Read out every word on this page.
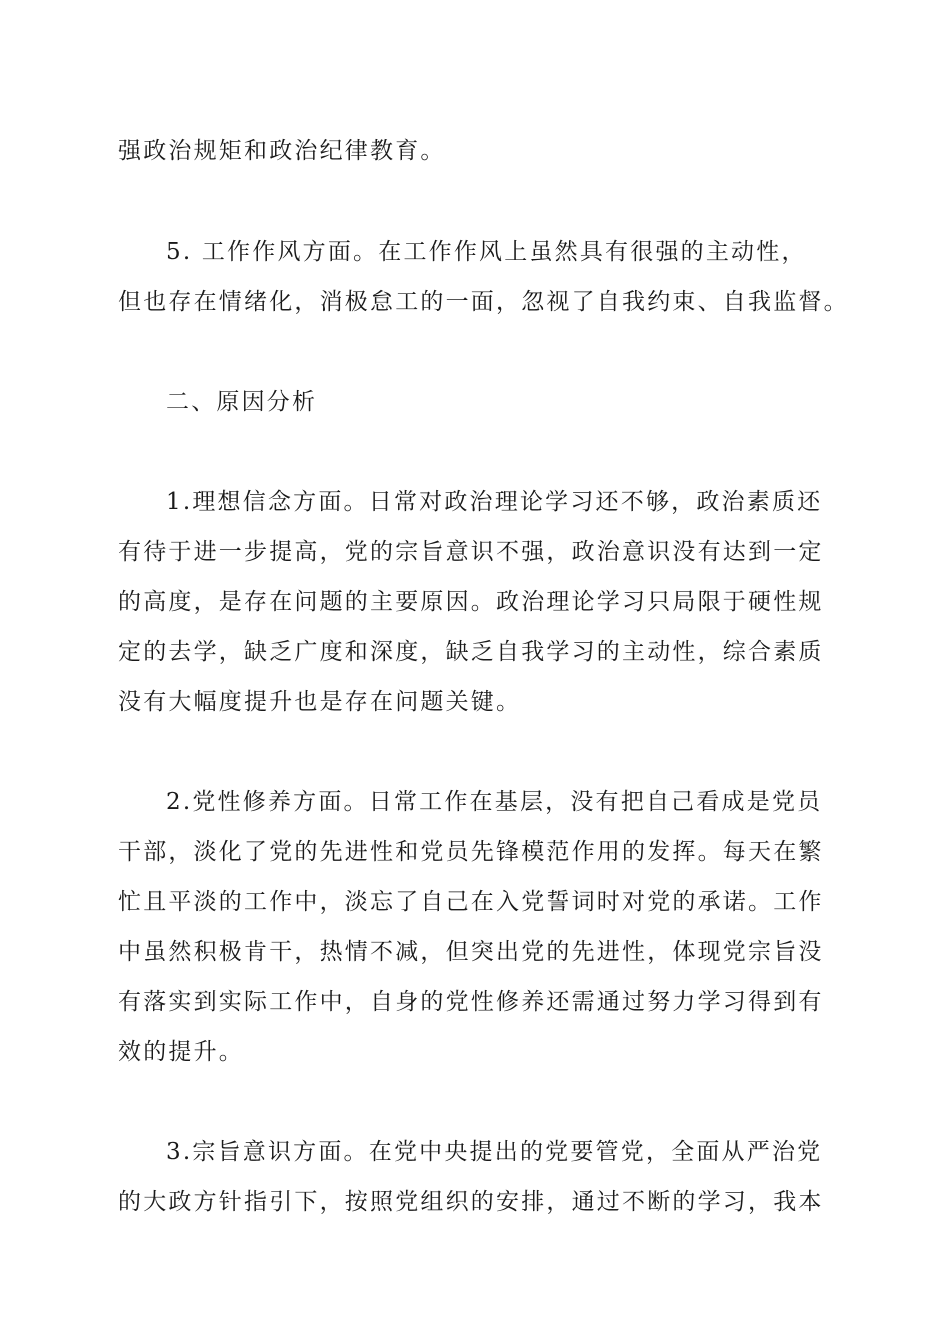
强政治规矩和政治纪律教育。

5. 工作作风方面。在工作作风上虽然具有很强的主动性，

但也存在情绪化，消极怠工的一面，忽视了自我约束、自我监督。

二、原因分析

1.理想信念方面。日常对政治理论学习还不够，政治素质还

有待于进一步提高，党的宗旨意识不强，政治意识没有达到一定

的高度，是存在问题的主要原因。政治理论学习只局限于硬性规

定的去学，缺乏广度和深度，缺乏自我学习的主动性，综合素质

没有大幅度提升也是存在问题关键。

2.党性修养方面。日常工作在基层，没有把自己看成是党员

干部，淡化了党的先进性和党员先锋模范作用的发挥。每天在繁

忙且平淡的工作中，淡忘了自己在入党誓词时对党的承诺。工作

中虽然积极肯干，热情不减，但突出党的先进性，体现党宗旨没

有落实到实际工作中，自身的党性修养还需通过努力学习得到有

效的提升。

3.宗旨意识方面。在党中央提出的党要管党，全面从严治党

的大政方针指引下，按照党组织的安排，通过不断的学习，我本
